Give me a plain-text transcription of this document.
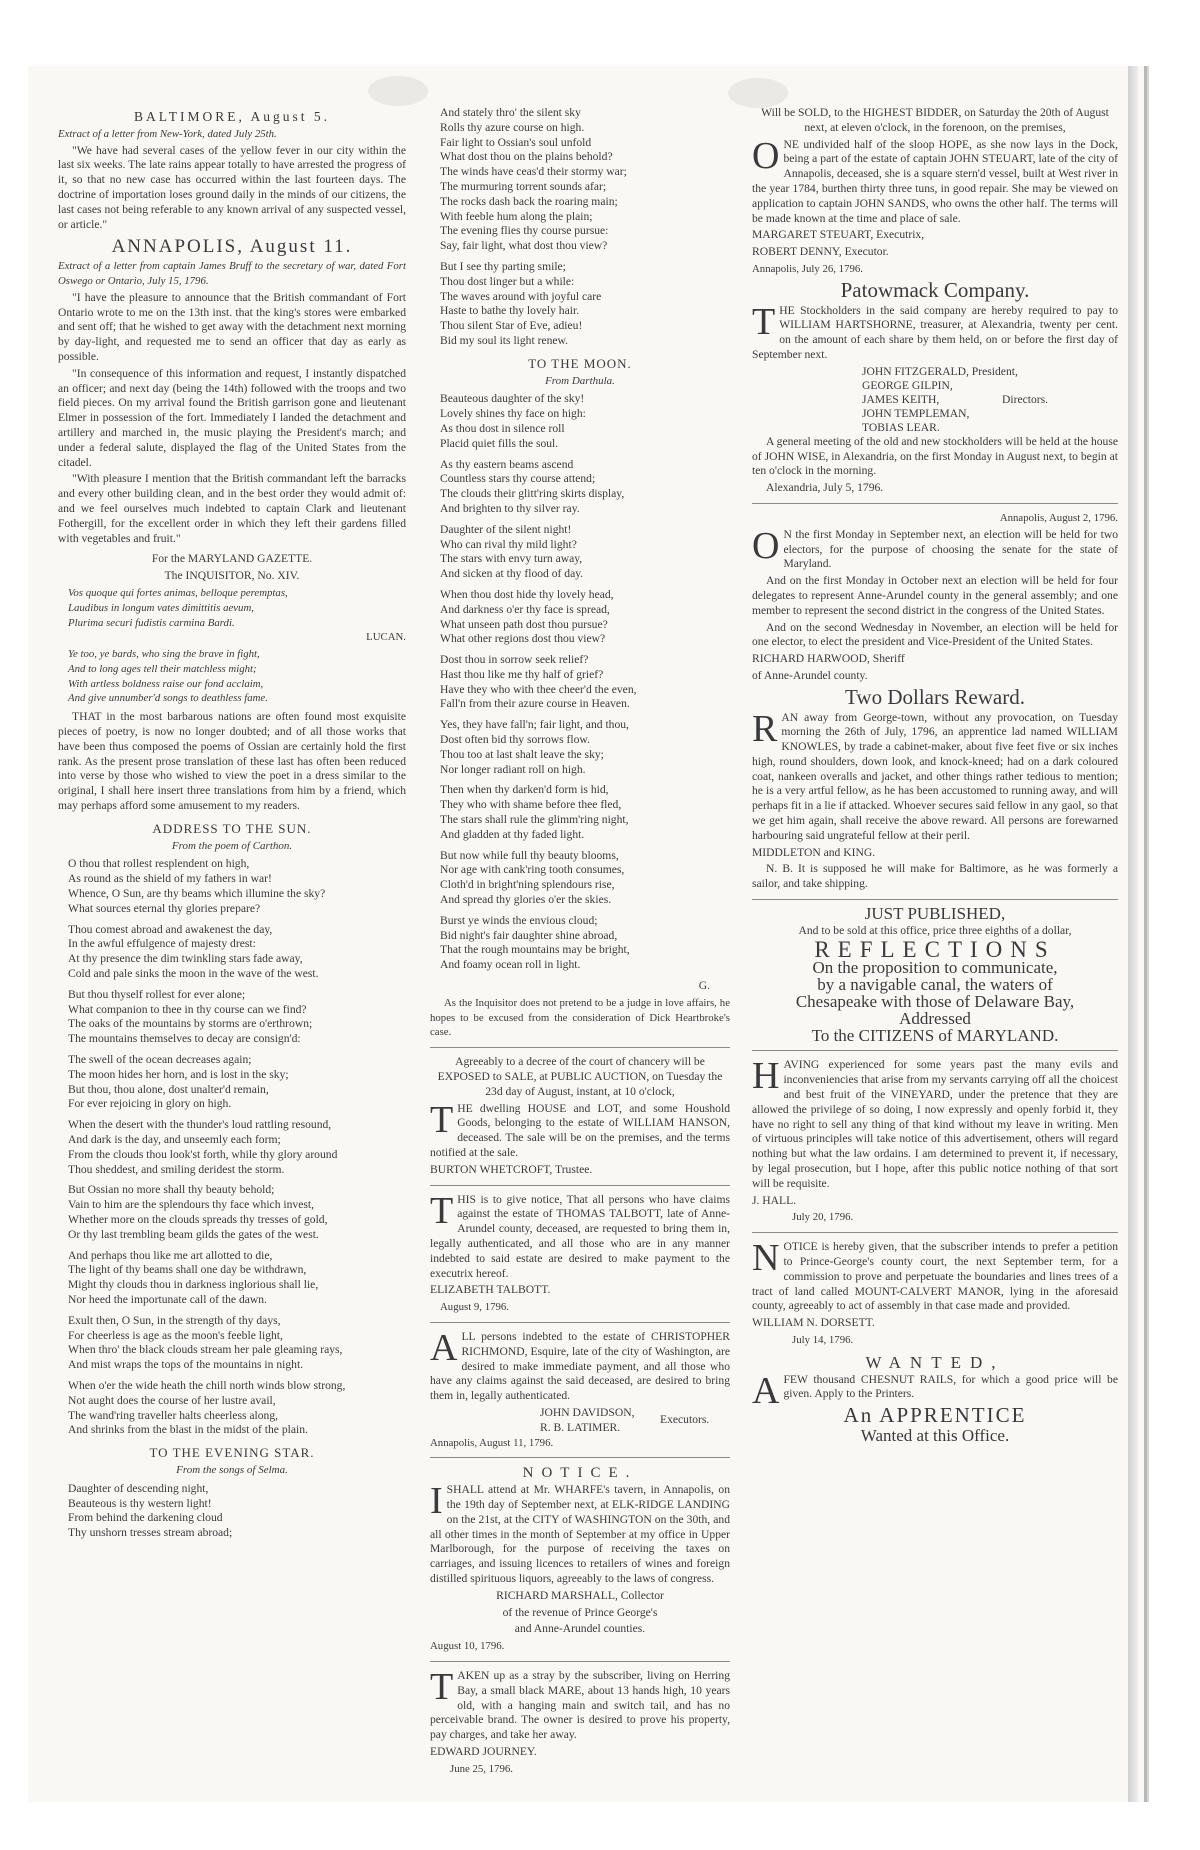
BALTIMORE, August 5.

Extract of a letter from New-York, dated July 25th.

"We have had several cases of the yellow fever in our city within the last six weeks. The late rains appear totally to have arrested the progress of it, so that no new case has occurred within the last fourteen days. The doctrine of importation loses ground daily in the minds of our citizens, the last cases not being referable to any known arrival of any suspected vessel, or article."

ANNAPOLIS, August 11.

Extract of a letter from captain James Bruff to the secretary of war, dated Fort Oswego or Ontario, July 15, 1796.

"I have the pleasure to announce that the British commandant of Fort Ontario wrote to me on the 13th inst. that the king's stores were embarked and sent off; that he wished to get away with the detachment next morning by day-light, and requested me to send an officer that day as early as possible.

"In consequence of this information and request, I instantly dispatched an officer; and next day (being the 14th) followed with the troops and two field pieces. On my arrival found the British garrison gone and lieutenant Elmer in possession of the fort. Immediately I landed the detachment and artillery and marched in, the music playing the President's march; and under a federal salute, displayed the flag of the United States from the citadel.

"With pleasure I mention that the British commandant left the barracks and every other building clean, and in the best order they would admit of: and we feel ourselves much indebted to captain Clark and lieutenant Fothergill, for the excellent order in which they left their gardens filled with vegetables and fruit."

For the MARYLAND GAZETTE.

The INQUISITOR, No. XIV.

Vos quoque qui fortes animas, belloque peremptas,
Laudibus in longum vates dimittitis aevum,
Plurima securi fudistis carmina Bardi.

LUCAN.

Ye too, ye bards, who sing the brave in fight,
And to long ages tell their matchless might;
With artless boldness raise our fond acclaim,
And give unnumber'd songs to deathless fame.

THAT in the most barbarous nations are often found most exquisite pieces of poetry, is now no longer doubted; and of all those works that have been thus composed the poems of Ossian are certainly hold the first rank. As the present prose translation of these last has often been reduced into verse by those who wished to view the poet in a dress similar to the original, I shall here insert three translations from him by a friend, which may perhaps afford some amusement to my readers.

ADDRESS TO THE SUN.
From the poem of Carthon.
O thou that rollest resplendent on high,
As round as the shield of my fathers in war!
Whence, O Sun, are thy beams which illumine the sky?
What sources eternal thy glories prepare?
Thou comest abroad and awakenest the day,
In the awful effulgence of majesty drest:
At thy presence the dim twinkling stars fade away,
Cold and pale sinks the moon in the wave of the west.
But thou thyself rollest for ever alone;
What companion to thee in thy course can we find?
The oaks of the mountains by storms are o'erthrown;
The mountains themselves to decay are consign'd:
The swell of the ocean decreases again;
The moon hides her horn, and is lost in the sky;
But thou, thou alone, dost unalter'd remain,
For ever rejoicing in glory on high.
When the desert with the thunder's loud rattling resound,
And dark is the day, and unseemly each form;
From the clouds thou look'st forth, while thy glory around
Thou sheddest, and smiling deridest the storm.
But Ossian no more shall thy beauty behold;
Vain to him are the splendours thy face which invest,
Whether more on the clouds spreads thy tresses of gold,
Or thy last trembling beam gilds the gates of the west.
And perhaps thou like me art allotted to die,
The light of thy beams shall one day be withdrawn,
Might thy clouds thou in darkness inglorious shall lie,
Nor heed the importunate call of the dawn.
Exult then, O Sun, in the strength of thy days,
For cheerless is age as the moon's feeble light,
When thro' the black clouds stream her pale gleaming rays,
And mist wraps the tops of the mountains in night.
When o'er the wide heath the chill north winds blow strong,
Not aught does the course of her lustre avail,
The wand'ring traveller halts cheerless along,
And shrinks from the blast in the midst of the plain.
TO THE EVENING STAR.
From the songs of Selma.
Daughter of descending night,
Beauteous is thy western light!
From behind the darkening cloud
Thy unshorn tresses stream abroad;
And stately thro' the silent sky
Rolls thy azure course on high.
Fair light to Ossian's soul unfold
What dost thou on the plains behold?
The winds have ceas'd their stormy war;
The murmuring torrent sounds afar;
The rocks dash back the roaring main;
With feeble hum along the plain;
The evening flies thy course pursue:
Say, fair light, what dost thou view?
But I see thy parting smile;
Thou dost linger but a while:
The waves around with joyful care
Haste to bathe thy lovely hair.
Thou silent Star of Eve, adieu!
Bid my soul its light renew.
TO THE MOON.
From Darthula.
Beauteous daughter of the sky!
Lovely shines thy face on high:
As thou dost in silence roll
Placid quiet fills the soul.
As thy eastern beams ascend
Countless stars thy course attend;
The clouds their glitt'ring skirts display,
And brighten to thy silver ray.
Daughter of the silent night!
Who can rival thy mild light?
The stars with envy turn away,
And sicken at thy flood of day.
When thou dost hide thy lovely head,
And darkness o'er thy face is spread,
What unseen path dost thou pursue?
What other regions dost thou view?
Dost thou in sorrow seek relief?
Hast thou like me thy half of grief?
Have they who with thee cheer'd the even,
Fall'n from their azure course in Heaven.
Yes, they have fall'n; fair light, and thou,
Dost often bid thy sorrows flow.
Thou too at last shalt leave the sky;
Nor longer radiant roll on high.
Then when thy darken'd form is hid,
They who with shame before thee fled,
The stars shall rule the glimm'ring night,
And gladden at thy faded light.
But now while full thy beauty blooms,
Nor age with cank'ring tooth consumes,
Cloth'd in bright'ning splendours rise,
And spread thy glories o'er the skies.
Burst ye winds the envious cloud;
Bid night's fair daughter shine abroad,
That the rough mountains may be bright,
And foamy ocean roll in light.

G.

As the Inquisitor does not pretend to be a judge in love affairs, he hopes to be excused from the consideration of Dick Heartbroke's case.

Agreeably to a decree of the court of chancery will be EXPOSED to SALE, at PUBLIC AUCTION, on Tuesday the 23d day of August, instant, at 10 o'clock,

THE dwelling HOUSE and LOT, and some Houshold Goods, belonging to the estate of WILLIAM HANSON, deceased. The sale will be on the premises, and the terms notified at the sale.

BURTON WHETCROFT, Trustee.

THIS is to give notice, That all persons who have claims against the estate of THOMAS TALBOTT, late of Anne-Arundel county, deceased, are requested to bring them in, legally authenticated, and all those who are in any manner indebted to said estate are desired to make payment to the executrix hereof.

ELIZABETH TALBOTT.

August 9, 1796.

ALL persons indebted to the estate of CHRISTOPHER RICHMOND, Esquire, late of the city of Washington, are desired to make immediate payment, and all those who have any claims against the said deceased, are desired to bring them in, legally authenticated.

JOHN DAVIDSON,
R. B. LATIMER.
Executors.

Annapolis, August 11, 1796.

NOTICE.

ISHALL attend at Mr. WHARFE's tavern, in Annapolis, on the 19th day of September next, at ELK-RIDGE LANDING on the 21st, at the CITY of WASHINGTON on the 30th, and all other times in the month of September at my office in Upper Marlborough, for the purpose of receiving the taxes on carriages, and issuing licences to retailers of wines and foreign distilled spirituous liquors, agreeably to the laws of congress.

RICHARD MARSHALL, Collector

of the revenue of Prince George's

and Anne-Arundel counties.

August 10, 1796.

TAKEN up as a stray by the subscriber, living on Herring Bay, a small black MARE, about 13 hands high, 10 years old, with a hanging main and switch tail, and has no perceivable brand. The owner is desired to prove his property, pay charges, and take her away.

EDWARD JOURNEY.

June 25, 1796.

Will be SOLD, to the HIGHEST BIDDER, on Saturday the 20th of August next, at eleven o'clock, in the forenoon, on the premises,

ONE undivided half of the sloop HOPE, as she now lays in the Dock, being a part of the estate of captain JOHN STEUART, late of the city of Annapolis, deceased, she is a square stern'd vessel, built at West river in the year 1784, burthen thirty three tuns, in good repair. She may be viewed on application to captain JOHN SANDS, who owns the other half. The terms will be made known at the time and place of sale.

MARGARET STEUART, Executrix,

ROBERT DENNY, Executor.

Annapolis, July 26, 1796.

Patowmack Company.

THE Stockholders in the said company are hereby required to pay to WILLIAM HARTSHORNE, treasurer, at Alexandria, twenty per cent. on the amount of each share by them held, on or before the first day of September next.

JOHN FITZGERALD, President,
GEORGE GILPIN,
JAMES KEITH,
JOHN TEMPLEMAN,
TOBIAS LEAR.
Directors.

A general meeting of the old and new stockholders will be held at the house of JOHN WISE, in Alexandria, on the first Monday in August next, to begin at ten o'clock in the morning.

Alexandria, July 5, 1796.

Annapolis, August 2, 1796.

O N the first Monday in September next, an election will be held for two electors, for the purpose of choosing the senate for the state of Maryland.

And on the first Monday in October next an election will be held for four delegates to represent Anne-Arundel county in the general assembly; and one member to represent the second district in the congress of the United States.

And on the second Wednesday in November, an election will be held for one elector, to elect the president and Vice-President of the United States.

RICHARD HARWOOD, Sheriff

of Anne-Arundel county.

Two Dollars Reward.

RAN away from George-town, without any provocation, on Tuesday morning the 26th of July, 1796, an apprentice lad named WILLIAM KNOWLES, by trade a cabinet-maker, about five feet five or six inches high, round shoulders, down look, and knock-kneed; had on a dark coloured coat, nankeen overalls and jacket, and other things rather tedious to mention; he is a very artful fellow, as he has been accustomed to running away, and will perhaps fit in a lie if attacked. Whoever secures said fellow in any gaol, so that we get him again, shall receive the above reward. All persons are forewarned harbouring said ungrateful fellow at their peril.

MIDDLETON and KING.

N. B. It is supposed he will make for Baltimore, as he was formerly a sailor, and take shipping.

JUST PUBLISHED,

And to be sold at this office, price three eighths of a dollar,

REFLECTIONS
On the proposition to communicate,
by a navigable canal, the waters of
Chesapeake with those of Delaware Bay,
Addressed
To the CITIZENS of MARYLAND.

HAVING experienced for some years past the many evils and inconveniencies that arise from my servants carrying off all the choicest and best fruit of the VINEYARD, under the pretence that they are allowed the privilege of so doing, I now expressly and openly forbid it, they have no right to sell any thing of that kind without my leave in writing. Men of virtuous principles will take notice of this advertisement, others will regard nothing but what the law ordains. I am determined to prevent it, if necessary, by legal prosecution, but I hope, after this public notice nothing of that sort will be requisite.

J. HALL.

July 20, 1796.

NOTICE is hereby given, that the subscriber intends to prefer a petition to Prince-George's county court, the next September term, for a commission to prove and perpetuate the boundaries and lines trees of a tract of land called MOUNT-CALVERT MANOR, lying in the aforesaid county, agreeably to act of assembly in that case made and provided.

WILLIAM N. DORSETT.

July 14, 1796.

WANTED,

AFEW thousand CHESNUT RAILS, for which a good price will be given. Apply to the Printers.

An APPRENTICE
Wanted at this Office.
